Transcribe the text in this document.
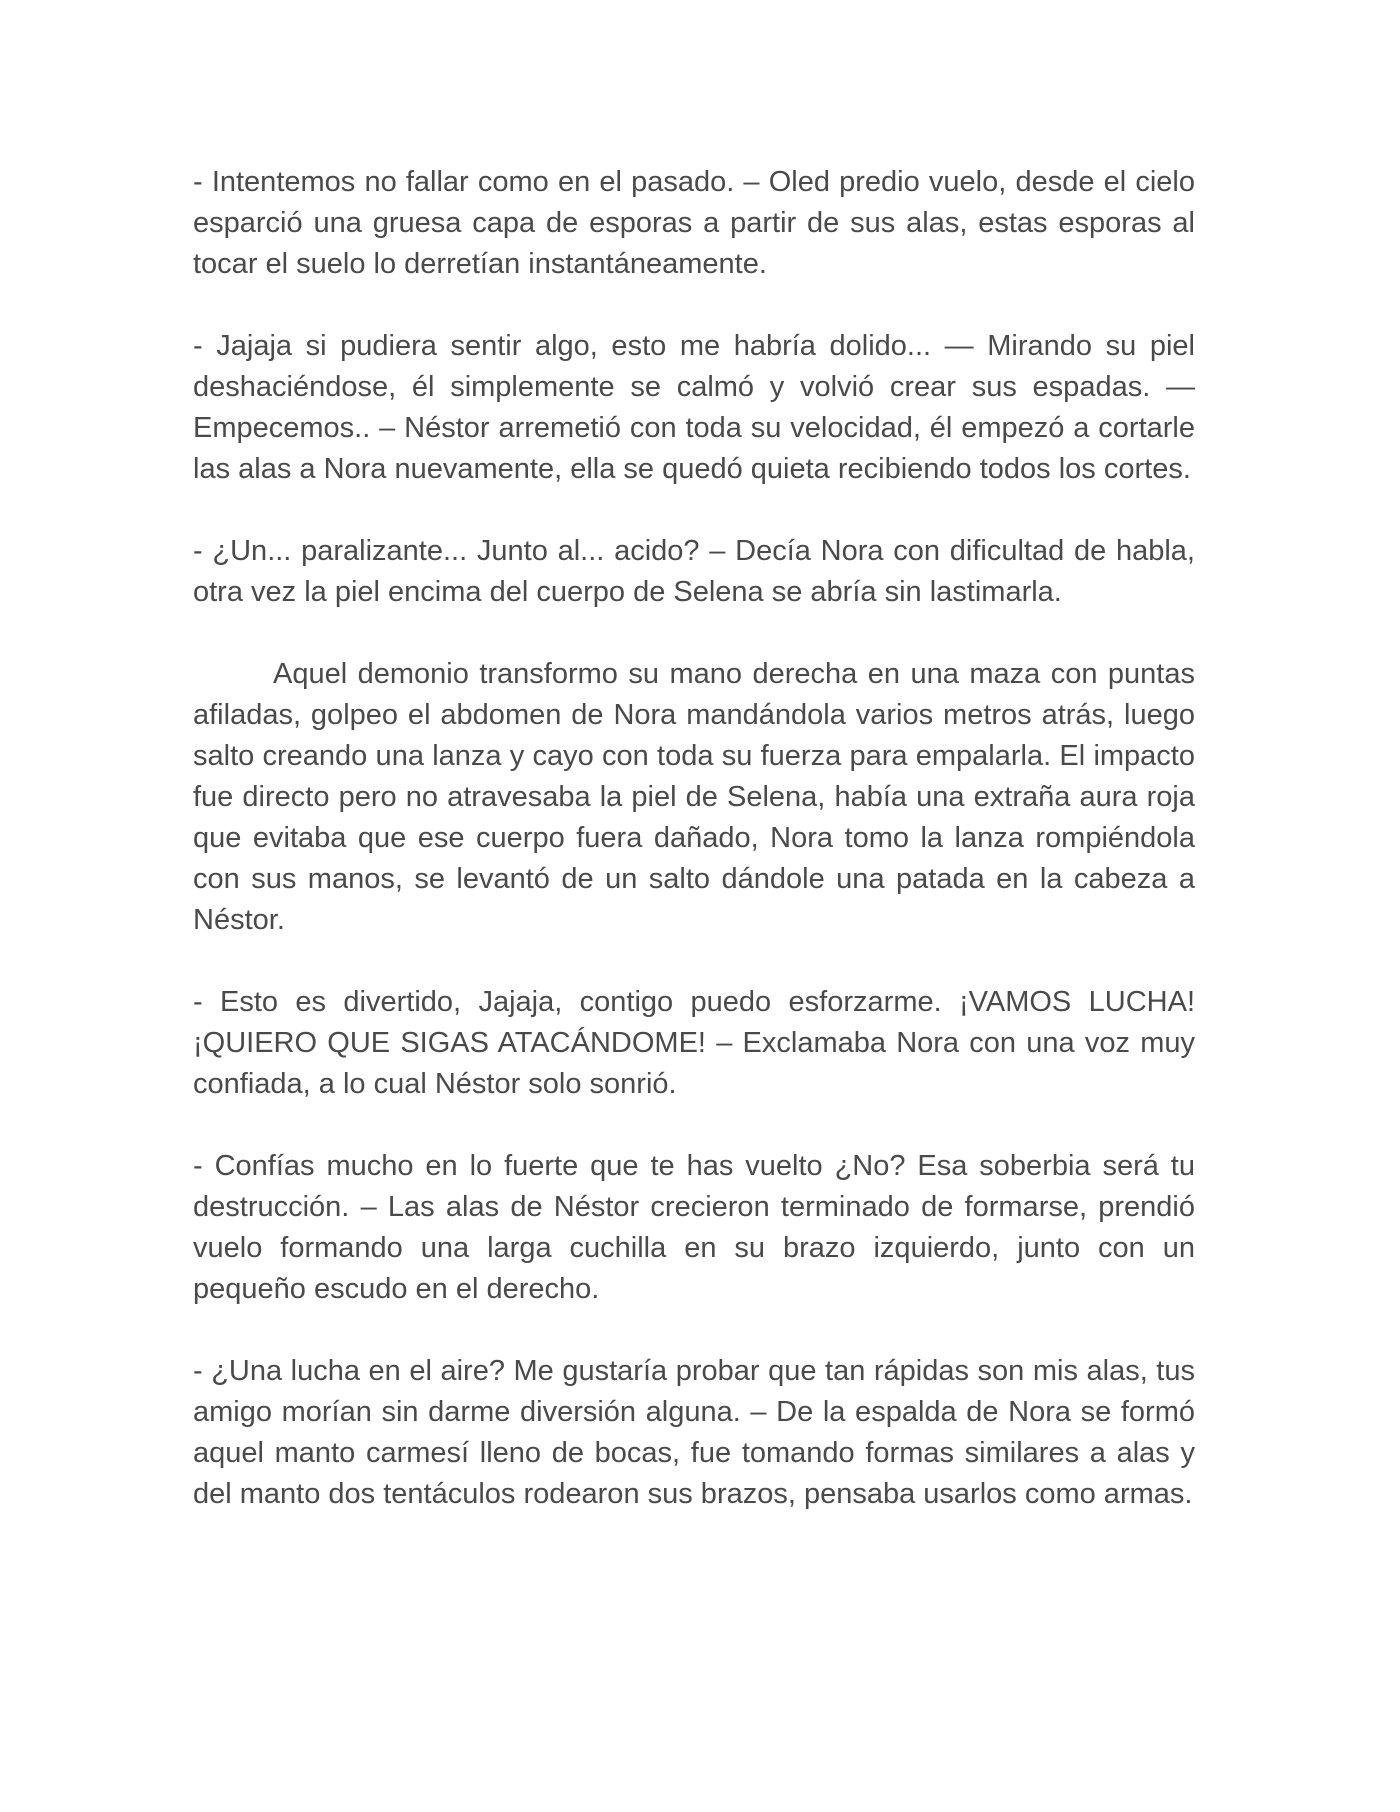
- Intentemos no fallar como en el pasado. – Oled predio vuelo, desde el cielo esparció una gruesa capa de esporas a partir de sus alas, estas esporas al tocar el suelo lo derretían instantáneamente.

- Jajaja si pudiera sentir algo, esto me habría dolido... — Mirando su piel deshaciéndose, él simplemente se calmó y volvió crear sus espadas. — Empecemos.. – Néstor arremetió con toda su velocidad, él empezó a cortarle las alas a Nora nuevamente, ella se quedó quieta recibiendo todos los cortes.

- ¿Un... paralizante... Junto al... acido? – Decía Nora con dificultad de habla, otra vez la piel encima del cuerpo de Selena se abría sin lastimarla.

Aquel demonio transformo su mano derecha en una maza con puntas afiladas, golpeo el abdomen de Nora mandándola varios metros atrás, luego salto creando una lanza y cayo con toda su fuerza para empalarla. El impacto fue directo pero no atravesaba la piel de Selena, había una extraña aura roja que evitaba que ese cuerpo fuera dañado, Nora tomo la lanza rompiéndola con sus manos, se levantó de un salto dándole una patada en la cabeza a Néstor.

- Esto es divertido, Jajaja, contigo puedo esforzarme. ¡VAMOS LUCHA! ¡QUIERO QUE SIGAS ATACÁNDOME! – Exclamaba Nora con una voz muy confiada, a lo cual Néstor solo sonrió.

- Confías mucho en lo fuerte que te has vuelto ¿No? Esa soberbia será tu destrucción. – Las alas de Néstor crecieron terminado de formarse, prendió vuelo formando una larga cuchilla en su brazo izquierdo, junto con un pequeño escudo en el derecho.

- ¿Una lucha en el aire? Me gustaría probar que tan rápidas son mis alas, tus amigo morían sin darme diversión alguna. – De la espalda de Nora se formó aquel manto carmesí lleno de bocas, fue tomando formas similares a alas y del manto dos tentáculos rodearon sus brazos, pensaba usarlos como armas.
